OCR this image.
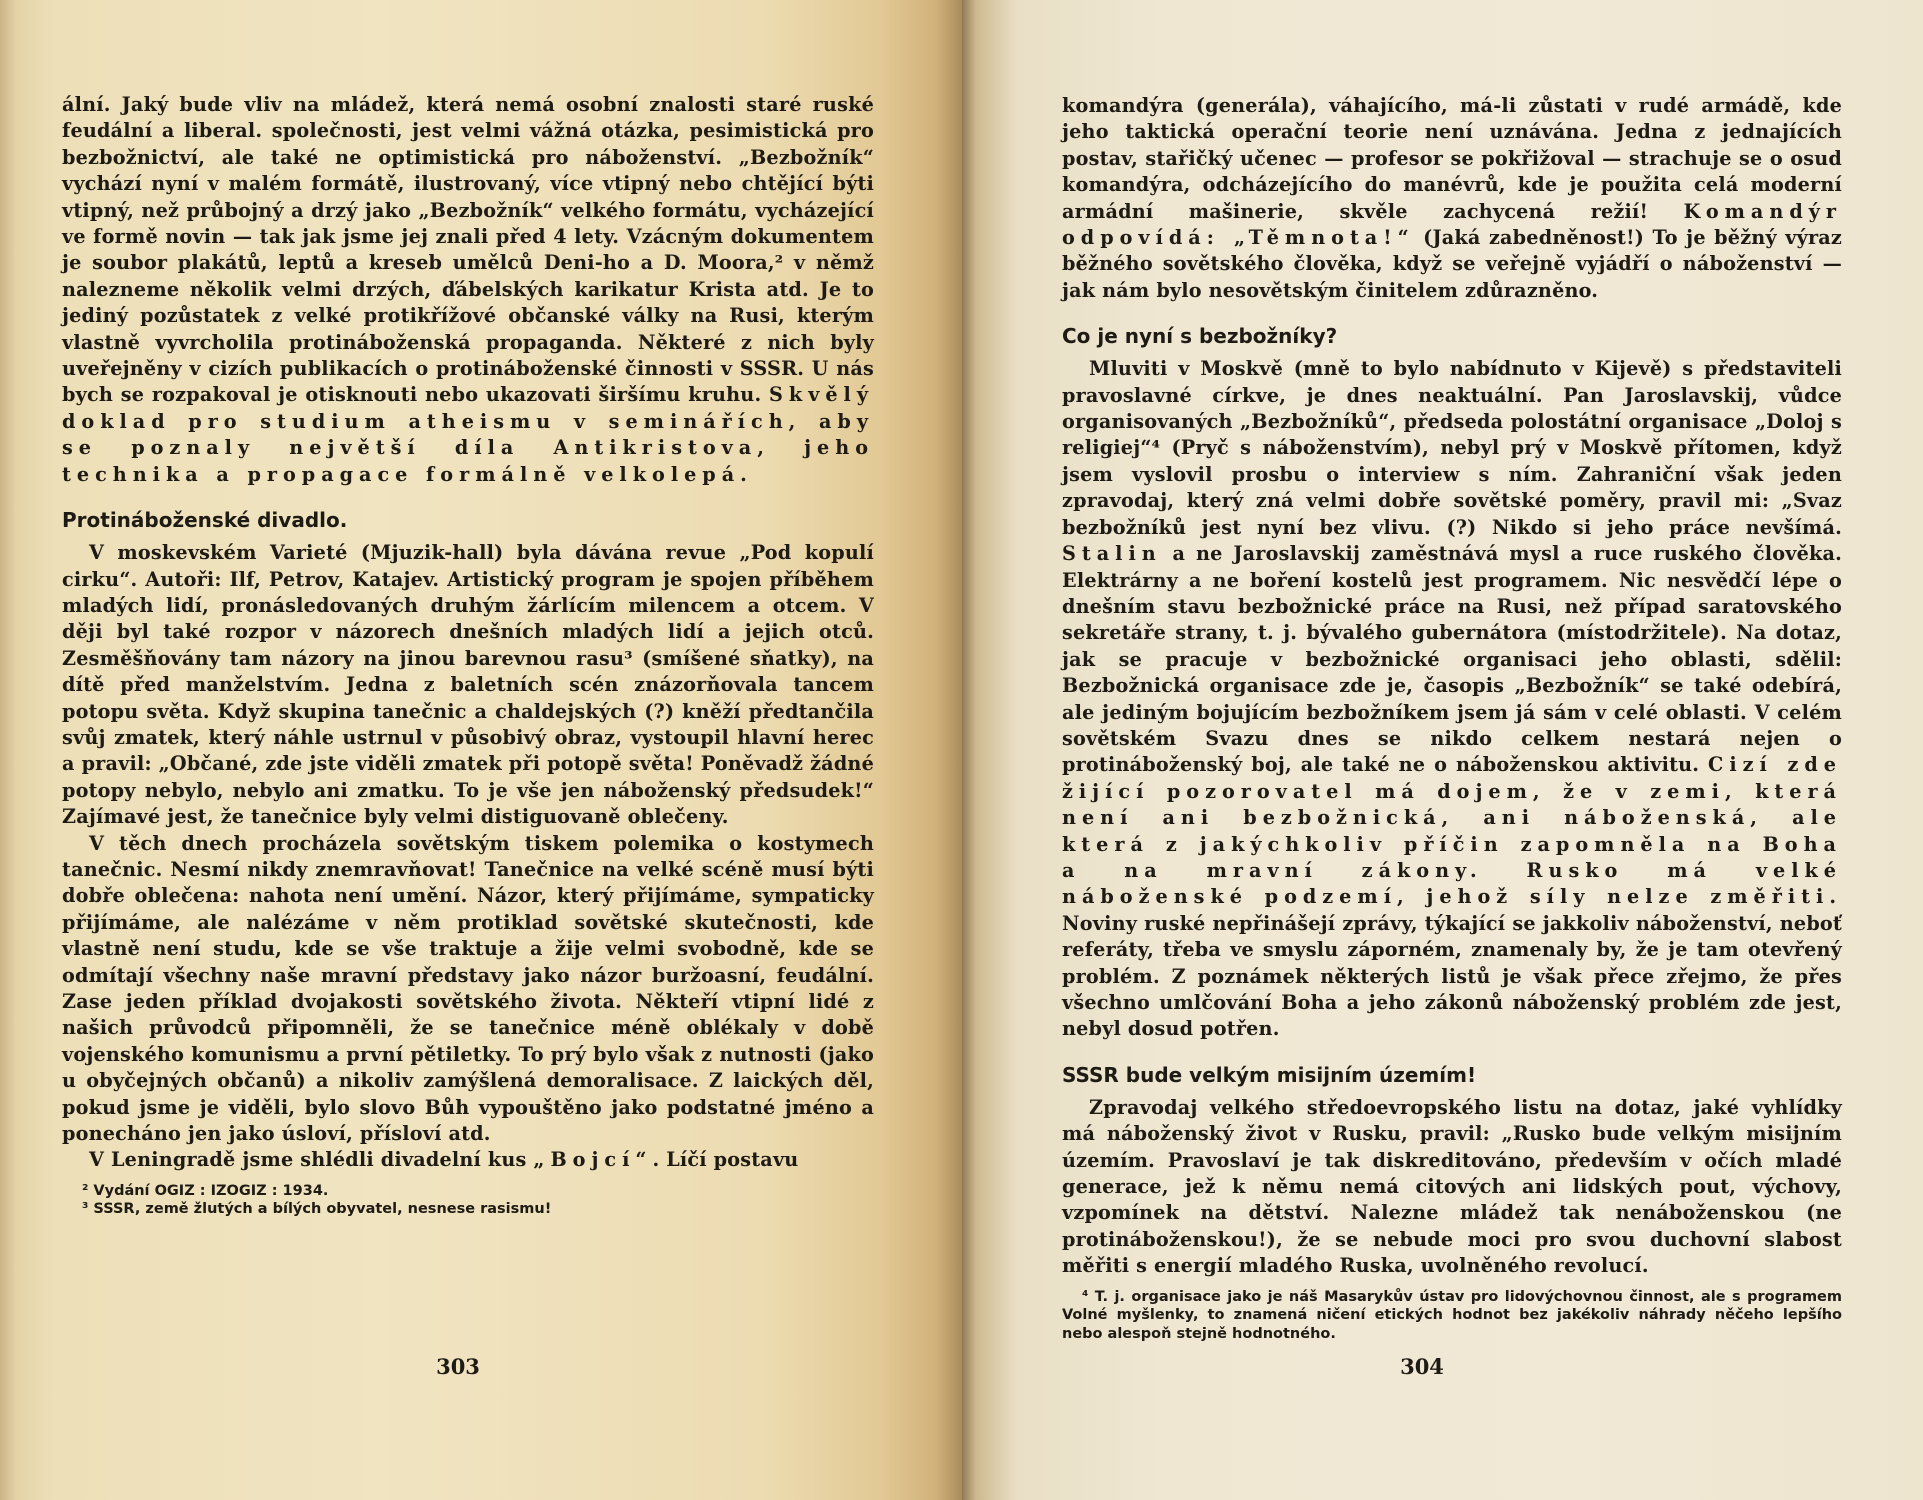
ální. Jaký bude vliv na mládež, která nemá osobní znalosti staré ruské feudální a liberal. společnosti, jest velmi vážná otázka, pesimistická pro bezbožnictví, ale také ne optimistická pro náboženství. „Bezbožník“ vychází nyní v malém formátě, ilustrovaný, více vtipný nebo chtějící býti vtipný, než průbojný a drzý jako „Bezbožník“ velkého formátu, vycházející ve formě novin — tak jak jsme jej znali před 4 lety. Vzácným dokumentem je soubor plakátů, leptů a kreseb umělců Deni-ho a D. Moora,² v němž nalezneme několik velmi drzých, ďábelských karikatur Krista atd. Je to jediný pozůstatek z velké protikřížové občanské války na Rusi, kterým vlastně vyvrcholila protináboženská propaganda. Některé z nich byly uveřejněny v cizích publikacích o protináboženské činnosti v SSSR. U nás bych se rozpakoval je otisknouti nebo ukazovati širšímu kruhu. Skvělý doklad pro studium atheismu v seminářích, aby se poznaly největší díla Antikristova, jeho technika a propagace formálně velkolepá.

Protináboženské divadlo.

V moskevském Varieté (Mjuzik-hall) byla dávána revue „Pod kopulí cirku“. Autoři: Ilf, Petrov, Katajev. Artistický program je spojen příběhem mladých lidí, pronásledovaných druhým žárlícím milencem a otcem. V ději byl také rozpor v názorech dnešních mladých lidí a jejich otců. Zesměšňovány tam názory na jinou barevnou rasu³ (smíšené sňatky), na dítě před manželstvím. Jedna z baletních scén znázorňovala tancem potopu světa. Když skupina tanečnic a chaldejských (?) kněží předtančila svůj zmatek, který náhle ustrnul v působivý obraz, vystoupil hlavní herec a pravil: „Občané, zde jste viděli zmatek při potopě světa! Poněvadž žádné potopy nebylo, nebylo ani zmatku. To je vše jen náboženský předsudek!“ Zajímavé jest, že tanečnice byly velmi distiguovaně oblečeny.

V těch dnech procházela sovětským tiskem polemika o kostymech tanečnic. Nesmí nikdy znemravňovat! Tanečnice na velké scéně musí býti dobře oblečena: nahota není umění. Názor, který přijímáme, sympaticky přijímáme, ale nalézáme v něm protiklad sovětské skutečnosti, kde vlastně není studu, kde se vše traktuje a žije velmi svobodně, kde se odmítají všechny naše mravní představy jako názor buržoasní, feudální. Zase jeden příklad dvojakosti sovětského života. Někteří vtipní lidé z našich průvodců připomněli, že se tanečnice méně oblékaly v době vojenského komunismu a první pětiletky. To prý bylo však z nutnosti (jako u obyčejných občanů) a nikoliv zamýšlená demoralisace. Z laických děl, pokud jsme je viděli, bylo slovo Bůh vypouštěno jako podstatné jméno a ponecháno jen jako úsloví, přísloví atd.

V Leningradě jsme shlédli divadelní kus „Bojcí“. Líčí postavu

² Vydání OGIZ : IZOGIZ : 1934.

³ SSSR, země žlutých a bílých obyvatel, nesnese rasismu!

303

komandýra (generála), váhajícího, má-li zůstati v rudé armádě, kde jeho taktická operační teorie není uznávána. Jedna z jednajících postav, stařičký učenec — profesor se pokřižoval — strachuje se o osud komandýra, odcházejícího do manévrů, kde je použita celá moderní armádní mašinerie, skvěle zachycená režií! Komandýr odpovídá: „Těmnota!“ (Jaká zabedněnost!) To je běžný výraz běžného sovětského člověka, když se veřejně vyjádří o náboženství — jak nám bylo nesovětským činitelem zdůrazněno.

Co je nyní s bezbožníky?

Mluviti v Moskvě (mně to bylo nabídnuto v Kijevě) s představiteli pravoslavné církve, je dnes neaktuální. Pan Jaroslavskij, vůdce organisovaných „Bezbožníků“, předseda polostátní organisace „Doloj s religiej“⁴ (Pryč s náboženstvím), nebyl prý v Moskvě přítomen, když jsem vyslovil prosbu o interview s ním. Zahraniční však jeden zpravodaj, který zná velmi dobře sovětské poměry, pravil mi: „Svaz bezbožníků jest nyní bez vlivu. (?) Nikdo si jeho práce nevšímá. Stalin a ne Jaroslavskij zaměstnává mysl a ruce ruského člověka. Elektrárny a ne boření kostelů jest programem. Nic nesvědčí lépe o dnešním stavu bezbožnické práce na Rusi, než případ saratovského sekretáře strany, t. j. bývalého gubernátora (místodržitele). Na dotaz, jak se pracuje v bezbožnické organisaci jeho oblasti, sdělil: Bezbožnická organisace zde je, časopis „Bezbožník“ se také odebírá, ale jediným bojujícím bezbožníkem jsem já sám v celé oblasti. V celém sovětském Svazu dnes se nikdo celkem nestará nejen o protináboženský boj, ale také ne o náboženskou aktivitu. Cizí zde žijící pozorovatel má dojem, že v zemi, která není ani bezbožnická, ani náboženská, ale která z jakýchkoliv příčin zapomněla na Boha a na mravní zákony. Rusko má velké náboženské podzemí, jehož síly nelze změřiti. Noviny ruské nepřinášejí zprávy, týkající se jakkoliv náboženství, neboť referáty, třeba ve smyslu záporném, znamenaly by, že je tam otevřený problém. Z poznámek některých listů je však přece zřejmo, že přes všechno umlčování Boha a jeho zákonů náboženský problém zde jest, nebyl dosud potřen.

SSSR bude velkým misijním územím!

Zpravodaj velkého středoevropského listu na dotaz, jaké vyhlídky má náboženský život v Rusku, pravil: „Rusko bude velkým misijním územím. Pravoslaví je tak diskreditováno, především v očích mladé generace, jež k němu nemá citových ani lidských pout, výchovy, vzpomínek na dětství. Nalezne mládež tak nenáboženskou (ne protináboženskou!), že se nebude moci pro svou duchovní slabost měřiti s energií mladého Ruska, uvolněného revolucí.

⁴ T. j. organisace jako je náš Masarykův ústav pro lidovýchovnou činnost, ale s programem Volné myšlenky, to znamená ničení etických hodnot bez jakékoliv náhrady něčeho lepšího nebo alespoň stejně hodnotného.

304
